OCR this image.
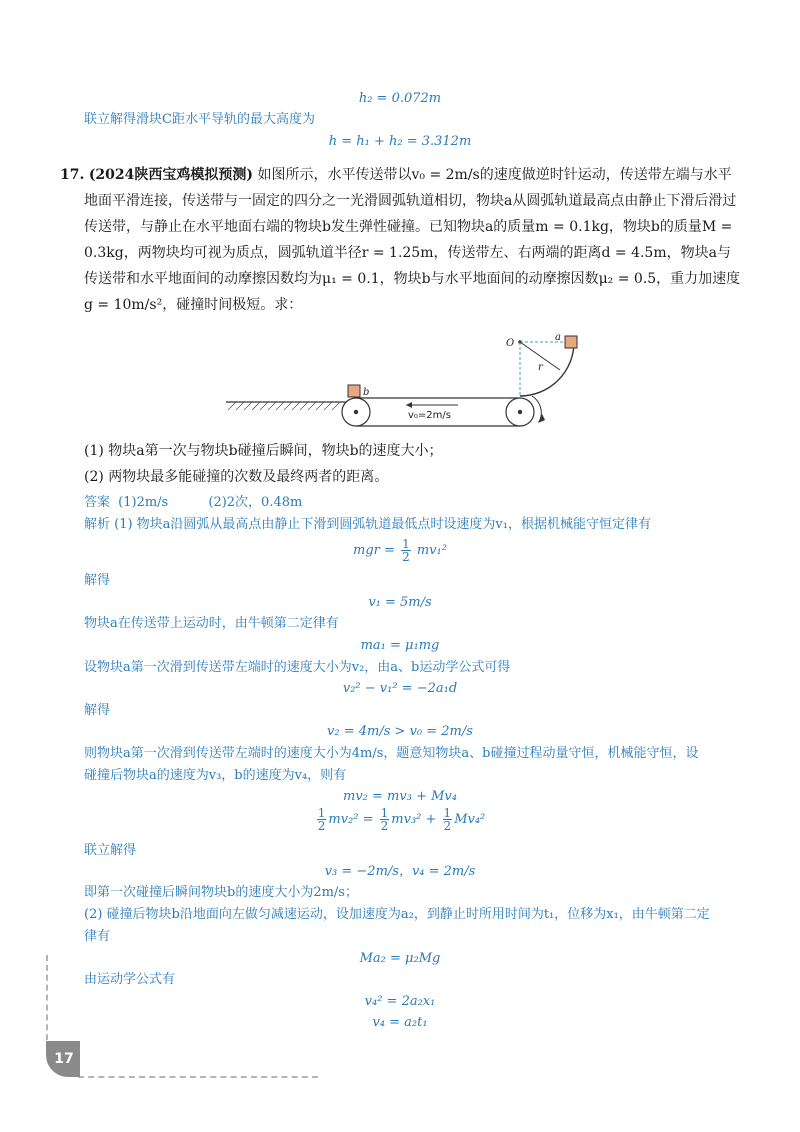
h₂ = 0.072m
联立解得滑块C距水平导轨的最大高度为
h = h₁ + h₂ = 3.312m
17. (2024陕西宝鸡模拟预测) 如图所示，水平传送带以v₀ = 2m/s的速度做逆时针运动，传送带左端与水平地面平滑连接，传送带与一固定的四分之一光滑圆弧轨道相切，物块a从圆弧轨道最高点由静止下滑后滑过传送带，与静止在水平地面右端的物块b发生弹性碰撞。已知物块a的质量m = 0.1kg，物块b的质量M = 0.3kg，两物块均可视为质点，圆弧轨道半径r = 1.25m，传送带左、右两端的距离d = 4.5m，物块a与传送带和水平地面间的动摩擦因数均为μ₁ = 0.1，物块b与水平地面间的动摩擦因数μ₂ = 0.5，重力加速度g = 10m/s²，碰撞时间极短。求：
b
v₀=2m/s
O
r
a
(1) 物块a第一次与物块b碰撞后瞬间，物块b的速度大小；
(2) 两物块最多能碰撞的次数及最终两者的距离。
答案 (1)2m/s	(2)2次，0.48m
解析 (1) 物块a沿圆弧从最高点由静止下滑到圆弧轨道最低点时设速度为v₁，根据机械能守恒定律有
mgr = $\frac{1}{2} mv_1^2$
解得
v₁ = 5m/s
物块a在传送带上运动时，由牛顿第二定律有
ma₁ = μ₁mg
设物块a第一次滑到传送带左端时的速度大小为v₂，由a、b运动学公式可得
v₂² − v₁² = −2a₁d
解得
v₂ = 4m/s > v₀ = 2m/s
则物块a第一次滑到传送带左端时的速度大小为4m/s，题意知物块a、b碰撞过程动量守恒，机械能守恒，设
碰撞后物块a的速度为v₃，b的速度为v₄，则有
mv₂ = mv₃ + Mv₄
$\frac{1}{2} mv_2^2 = \frac{1}{2} mv_3^2 + \frac{1}{2} Mv_4^2$
联立解得
v₃ = −2m/s，v₄ = 2m/s
即第一次碰撞后瞬间物块b的速度大小为2m/s；
(2) 碰撞后物块b沿地面向左做匀减速运动，设加速度为a₂，到静止时所用时间为t₁，位移为x₁，由牛顿第二定
律有
Ma₂ = μ₂Mg
由运动学公式有
v₄² = 2a₂x₁
v₄ = a₂t₁
17
